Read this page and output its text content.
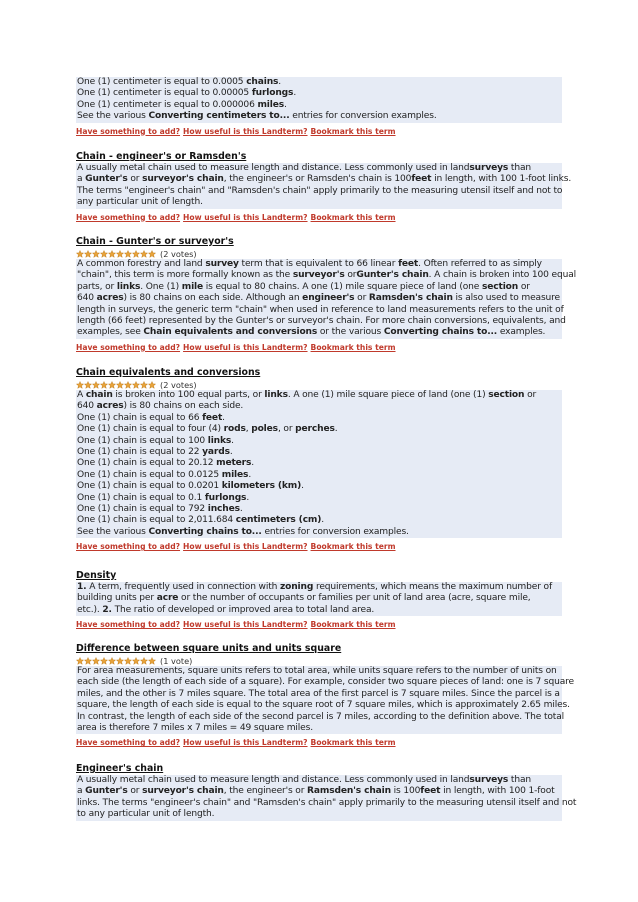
One (1) centimeter is equal to 0.0005 chains.
One (1) centimeter is equal to 0.00005 furlongs.
One (1) centimeter is equal to 0.000006 miles.
See the various Converting centimeters to... entries for conversion examples.
Have something to add? How useful is this Landterm? Bookmark this term
Chain - engineer's or Ramsden's
A usually metal chain used to measure length and distance. Less commonly used in landsurveys than
a Gunter's or surveyor's chain, the engineer's or Ramsden's chain is 100feet in length, with 100 1-foot links.
The terms "engineer's chain" and "Ramsden's chain" apply primarily to the measuring utensil itself and not to
any particular unit of length.
Have something to add? How useful is this Landterm? Bookmark this term
Chain - Gunter's or surveyor's
(2 votes)
A common forestry and land survey term that is equivalent to 66 linear feet. Often referred to as simply
"chain", this term is more formally known as the surveyor's orGunter's chain. A chain is broken into 100 equal
parts, or links. One (1) mile is equal to 80 chains. A one (1) mile square piece of land (one section or
640 acres) is 80 chains on each side. Although an engineer's or Ramsden's chain is also used to measure
length in surveys, the generic term "chain" when used in reference to land measurements refers to the unit of
length (66 feet) represented by the Gunter's or surveyor's chain. For more chain conversions, equivalents, and
examples, see Chain equivalents and conversions or the various Converting chains to... examples.
Have something to add? How useful is this Landterm? Bookmark this term
Chain equivalents and conversions
(2 votes)
A chain is broken into 100 equal parts, or links. A one (1) mile square piece of land (one (1) section or
640 acres) is 80 chains on each side.
One (1) chain is equal to 66 feet.
One (1) chain is equal to four (4) rods, poles, or perches.
One (1) chain is equal to 100 links.
One (1) chain is equal to 22 yards.
One (1) chain is equal to 20.12 meters.
One (1) chain is equal to 0.0125 miles.
One (1) chain is equal to 0.0201 kilometers (km).
One (1) chain is equal to 0.1 furlongs.
One (1) chain is equal to 792 inches.
One (1) chain is equal to 2,011.684 centimeters (cm).
See the various Converting chains to... entries for conversion examples.
Have something to add? How useful is this Landterm? Bookmark this term
Density
1. A term, frequently used in connection with zoning requirements, which means the maximum number of
building units per acre or the number of occupants or families per unit of land area (acre, square mile,
etc.). 2. The ratio of developed or improved area to total land area.
Have something to add? How useful is this Landterm? Bookmark this term
Difference between square units and units square
(1 vote)
For area measurements, square units refers to total area, while units square refers to the number of units on
each side (the length of each side of a square). For example, consider two square pieces of land: one is 7 square
miles, and the other is 7 miles square. The total area of the first parcel is 7 square miles. Since the parcel is a
square, the length of each side is equal to the square root of 7 square miles, which is approximately 2.65 miles.
In contrast, the length of each side of the second parcel is 7 miles, according to the definition above. The total
area is therefore 7 miles x 7 miles = 49 square miles.
Have something to add? How useful is this Landterm? Bookmark this term
Engineer's chain
A usually metal chain used to measure length and distance. Less commonly used in landsurveys than
a Gunter's or surveyor's chain, the engineer's or Ramsden's chain is 100feet in length, with 100 1-foot
links. The terms "engineer's chain" and "Ramsden's chain" apply primarily to the measuring utensil itself and not
to any particular unit of length.
